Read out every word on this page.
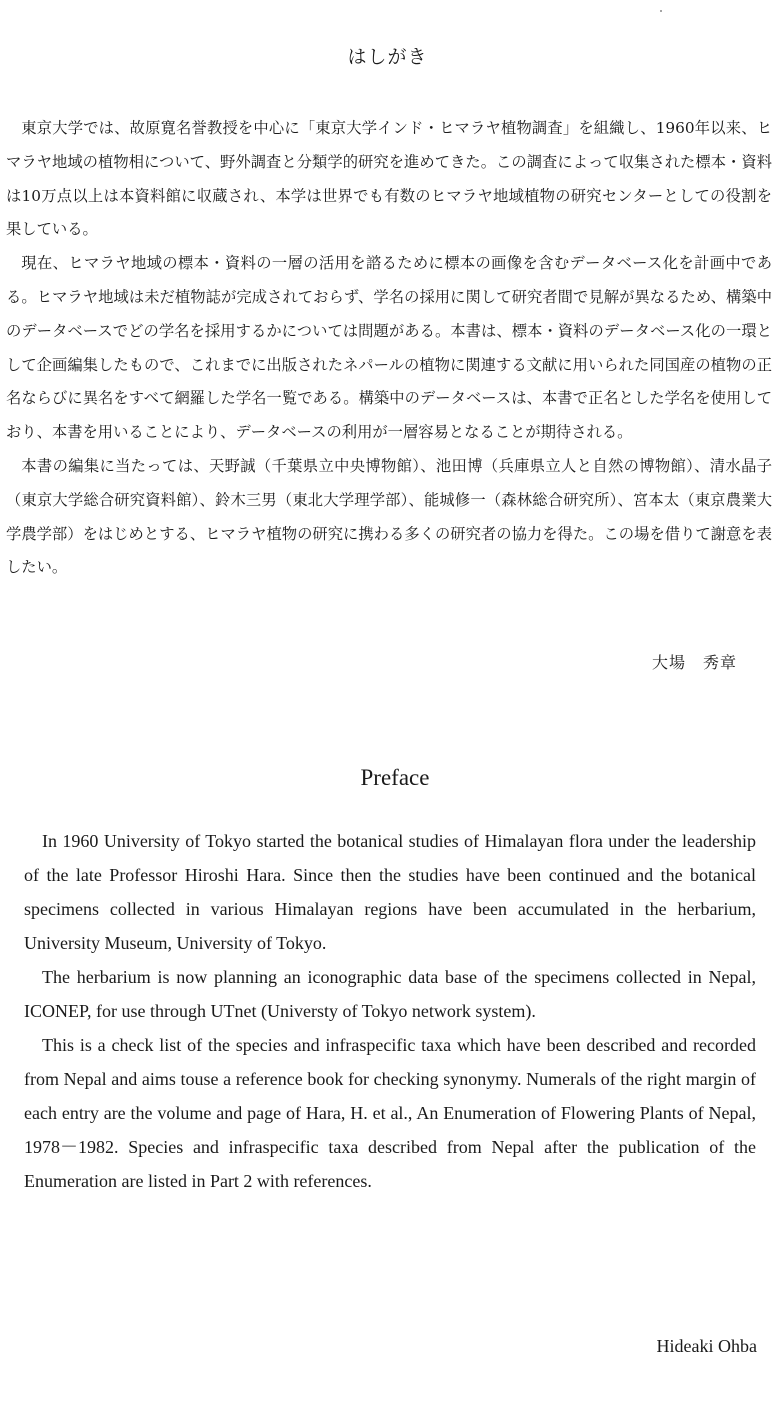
はしがき

東京大学では、故原寛名誉教授を中心に「東京大学インド・ヒマラヤ植物調査」を組織し、1960年以来、ヒマラヤ地域の植物相について、野外調査と分類学的研究を進めてきた。この調査によって収集された標本・資料は10万点以上は本資料館に収蔵され、本学は世界でも有数のヒマラヤ地域植物の研究センターとしての役割を果している。

現在、ヒマラヤ地域の標本・資料の一層の活用を諮るために標本の画像を含むデータベース化を計画中である。ヒマラヤ地域は未だ植物誌が完成されておらず、学名の採用に関して研究者間で見解が異なるため、構築中のデータベースでどの学名を採用するかについては問題がある。本書は、標本・資料のデータベース化の一環として企画編集したもので、これまでに出版されたネパールの植物に関連する文献に用いられた同国産の植物の正名ならびに異名をすべて網羅した学名一覧である。構築中のデータベースは、本書で正名とした学名を使用しており、本書を用いることにより、データベースの利用が一層容易となることが期待される。

本書の編集に当たっては、天野誠（千葉県立中央博物館）、池田博（兵庫県立人と自然の博物館）、清水晶子（東京大学総合研究資料館）、鈴木三男（東北大学理学部）、能城修一（森林総合研究所）、宮本太（東京農業大学農学部）をはじめとする、ヒマラヤ植物の研究に携わる多くの研究者の協力を得た。この場を借りて謝意を表したい。

大場　秀章

Preface

In 1960 University of Tokyo started the botanical studies of Himalayan flora under the leadership of the late Professor Hiroshi Hara. Since then the studies have been continued and the botanical specimens collected in various Himalayan regions have been accumulated in the herbarium, University Museum, University of Tokyo.

The herbarium is now planning an iconographic data base of the specimens collected in Nepal, ICONEP, for use through UTnet (Universty of Tokyo network system).

This is a check list of the species and infraspecific taxa which have been described and recorded from Nepal and aims touse a reference book for checking synonymy. Numerals of the right margin of each entry are the volume and page of Hara, H. et al., An Enumeration of Flowering Plants of Nepal, 1978－1982. Species and infraspecific taxa described from Nepal after the publication of the Enumeration are listed in Part 2 with references.

Hideaki Ohba
